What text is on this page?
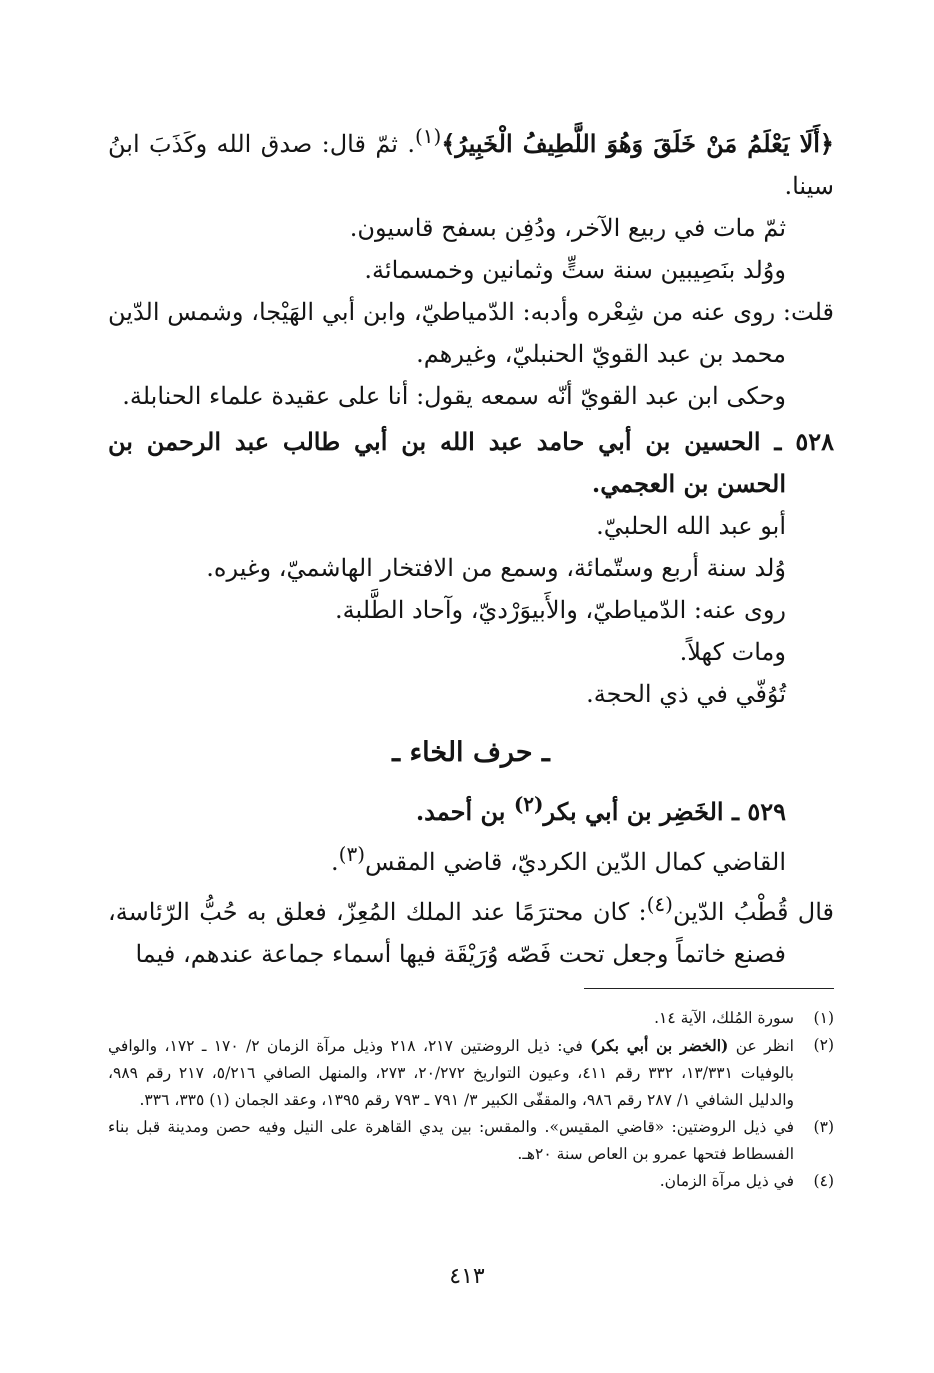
﴿أَلَا يَعْلَمُ مَنْ خَلَقَ وَهُوَ اللَّطِيفُ الْخَبِيرُ﴾$^{(١)}$. ثمّ قال: صدق الله وكَذَبَ ابنُ سينا.

ثمّ مات في ربيع الآخر، ودُفِن بسفح قاسيون.

ووُلد بنَصِيبين سنة ستٍّ وثمانين وخمسمائة.

قلت: روى عنه من شِعْره وأدبه: الدّمياطيّ، وابن أبي الهَيْجا، وشمس الدّين محمد بن عبد القويّ الحنبليّ، وغيرهم.

وحكى ابن عبد القويّ أنّه سمعه يقول: أنا على عقيدة علماء الحنابلة.

٥٢٨ ـ الحسين بن أبي حامد عبد الله بن أبي طالب عبد الرحمن بن الحسن بن العجمي.

أبو عبد الله الحلبيّ.

وُلد سنة أربع وستّمائة، وسمع من الافتخار الهاشميّ، وغيره.

روى عنه: الدّمياطيّ، والأَبيوَرْديّ، وآحاد الطَّلبة.

ومات كهلاً.

تُوُفّي في ذي الحجة.

ـ حرف الخاء ـ

٥٢٩ ـ الخَضِر بن أبي بكر$^{(٢)}$ بن أحمد.

القاضي كمال الدّين الكرديّ، قاضي المقس$^{(٣)}$.

قال قُطْبُ الدّين$^{(٤)}$: كان محترَمًا عند الملك المُعِزّ، فعلق به حُبُّ الرّئاسة، فصنع خاتماً وجعل تحت فَصّه وُرَيْقَة فيها أسماء جماعة عندهم، فيما

(١)
سورة المُلك، الآية ١٤.
(٢)
انظر عن (الخضر بن أبي بكر) في: ذيل الروضتين ٢١٧، ٢١٨ وذيل مرآة الزمان ٢/ ١٧٠ ـ ١٧٢، والوافي بالوفيات ١٣/٣٣١، ٣٣٢ رقم ٤١١، وعيون التواريخ ٢٠/٢٧٢، ٢٧٣، والمنهل الصافي ٥/٢١٦، ٢١٧ رقم ٩٨٩، والدليل الشافي ١/ ٢٨٧ رقم ٩٨٦، والمقفّى الكبير ٣/ ٧٩١ ـ ٧٩٣ رقم ١٣٩٥، وعقد الجمان (١) ٣٣٥، ٣٣٦.
(٣)
في ذيل الروضتين: «قاضي المقيس». والمقس: بين يدي القاهرة على النيل وفيه حصن ومدينة قبل بناء الفسطاط فتحها عمرو بن العاص سنة ٢٠هـ.
(٤)
في ذيل مرآة الزمان.
٤١٣
